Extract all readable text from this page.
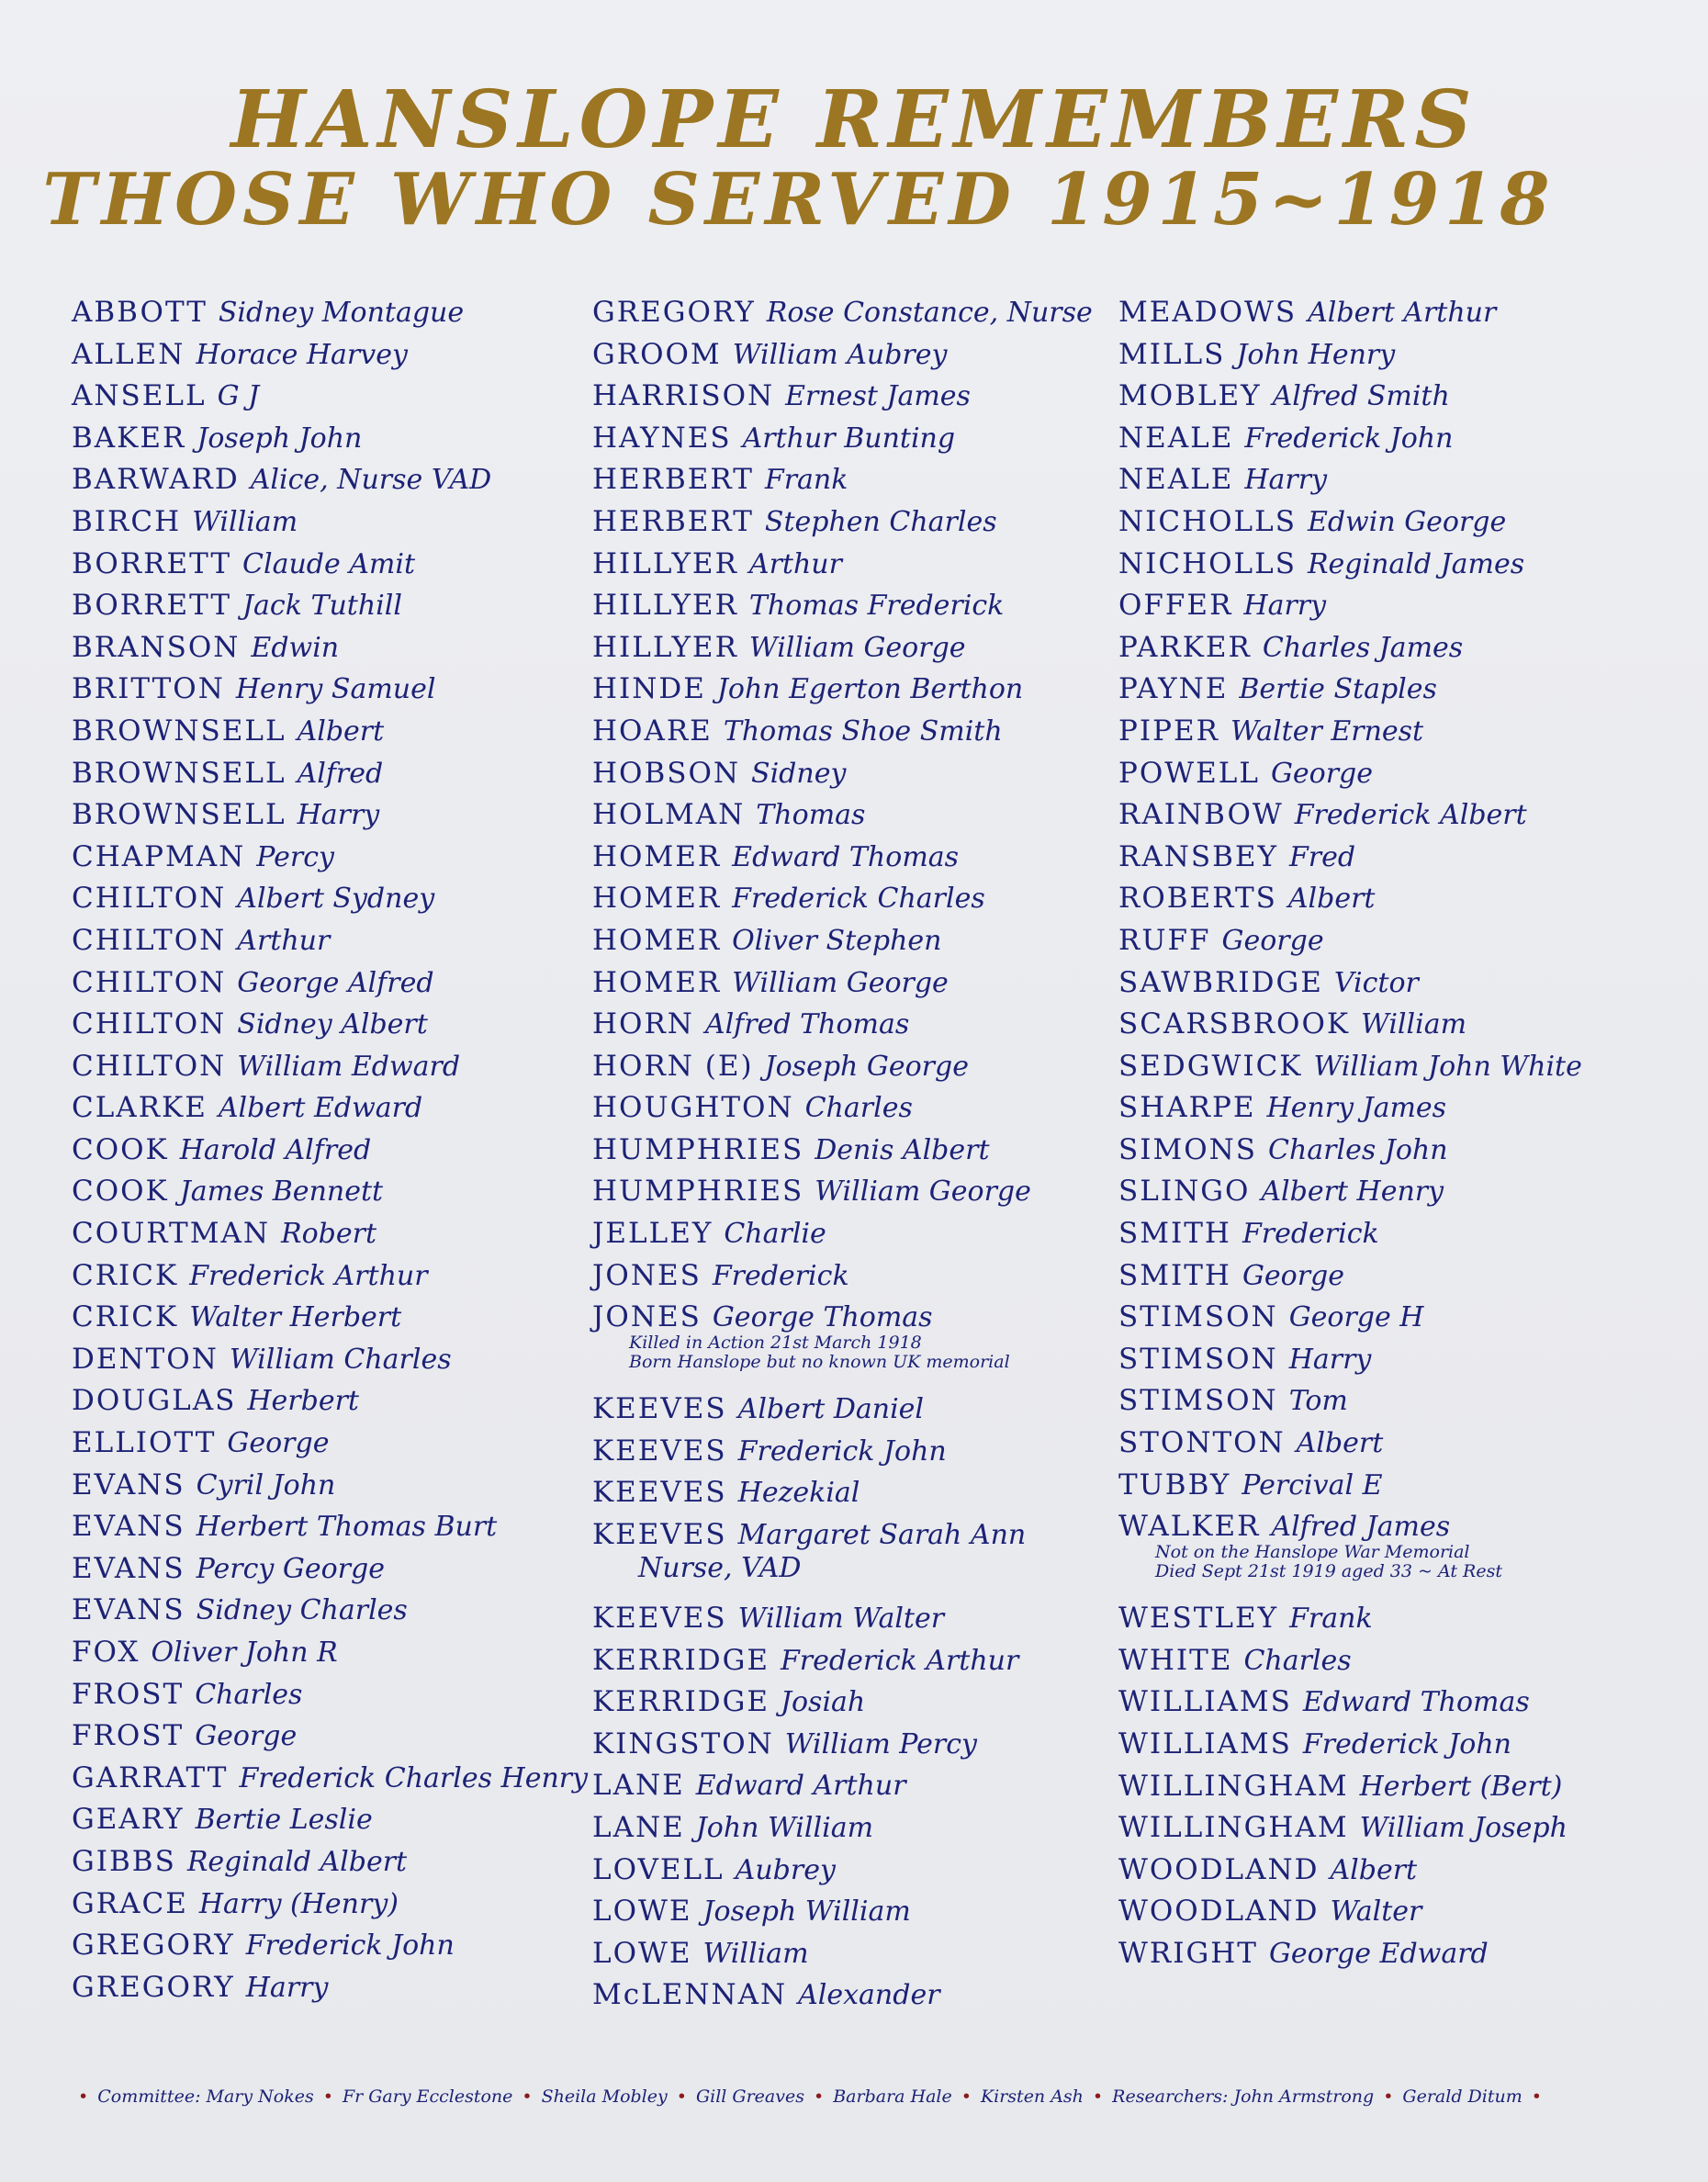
HANSLOPE REMEMBERS
THOSE WHO SERVED 1915~1918
ABBOTT Sidney Montague
ALLEN Horace Harvey
ANSELL G J
BAKER Joseph John
BARWARD Alice, Nurse VAD
BIRCH William
BORRETT Claude Amit
BORRETT Jack Tuthill
BRANSON Edwin
BRITTON Henry Samuel
BROWNSELL Albert
BROWNSELL Alfred
BROWNSELL Harry
CHAPMAN Percy
CHILTON Albert Sydney
CHILTON Arthur
CHILTON George Alfred
CHILTON Sidney Albert
CHILTON William Edward
CLARKE Albert Edward
COOK Harold Alfred
COOK James Bennett
COURTMAN Robert
CRICK Frederick Arthur
CRICK Walter Herbert
DENTON William Charles
DOUGLAS Herbert
ELLIOTT George
EVANS Cyril John
EVANS Herbert Thomas Burt
EVANS Percy George
EVANS Sidney Charles
FOX Oliver John R
FROST Charles
FROST George
GARRATT Frederick Charles Henry
GEARY Bertie Leslie
GIBBS Reginald Albert
GRACE Harry (Henry)
GREGORY Frederick John
GREGORY Harry
GREGORY Rose Constance, Nurse
GROOM William Aubrey
HARRISON Ernest James
HAYNES Arthur Bunting
HERBERT Frank
HERBERT Stephen Charles
HILLYER Arthur
HILLYER Thomas Frederick
HILLYER William George
HINDE John Egerton Berthon
HOARE Thomas Shoe Smith
HOBSON Sidney
HOLMAN Thomas
HOMER Edward Thomas
HOMER Frederick Charles
HOMER Oliver Stephen
HOMER William George
HORN Alfred Thomas
HORN (E) Joseph George
HOUGHTON Charles
HUMPHRIES Denis Albert
HUMPHRIES William George
JELLEY Charlie
JONES Frederick
JONES George Thomas
Killed in Action 21st March 1918
Born Hanslope but no known UK memorial
KEEVES Albert Daniel
KEEVES Frederick John
KEEVES Hezekial
KEEVES Margaret Sarah Ann
Nurse, VAD
KEEVES William Walter
KERRIDGE Frederick Arthur
KERRIDGE Josiah
KINGSTON William Percy
LANE Edward Arthur
LANE John William
LOVELL Aubrey
LOWE Joseph William
LOWE William
McLENNAN Alexander
MEADOWS Albert Arthur
MILLS John Henry
MOBLEY Alfred Smith
NEALE Frederick John
NEALE Harry
NICHOLLS Edwin George
NICHOLLS Reginald James
OFFER Harry
PARKER Charles James
PAYNE Bertie Staples
PIPER Walter Ernest
POWELL George
RAINBOW Frederick Albert
RANSBEY Fred
ROBERTS Albert
RUFF George
SAWBRIDGE Victor
SCARSBROOK William
SEDGWICK William John White
SHARPE Henry James
SIMONS Charles John
SLINGO Albert Henry
SMITH Frederick
SMITH George
STIMSON George H
STIMSON Harry
STIMSON Tom
STONTON Albert
TUBBY Percival E
WALKER Alfred James
Not on the Hanslope War Memorial
Died Sept 21st 1919 aged 33 ~ At Rest
WESTLEY Frank
WHITE Charles
WILLIAMS Edward Thomas
WILLIAMS Frederick John
WILLINGHAM Herbert (Bert)
WILLINGHAM William Joseph
WOODLAND Albert
WOODLAND Walter
WRIGHT George Edward
• Committee: Mary Nokes • Fr Gary Ecclestone • Sheila Mobley • Gill Greaves • Barbara Hale • Kirsten Ash • Researchers: John Armstrong • Gerald Ditum •
